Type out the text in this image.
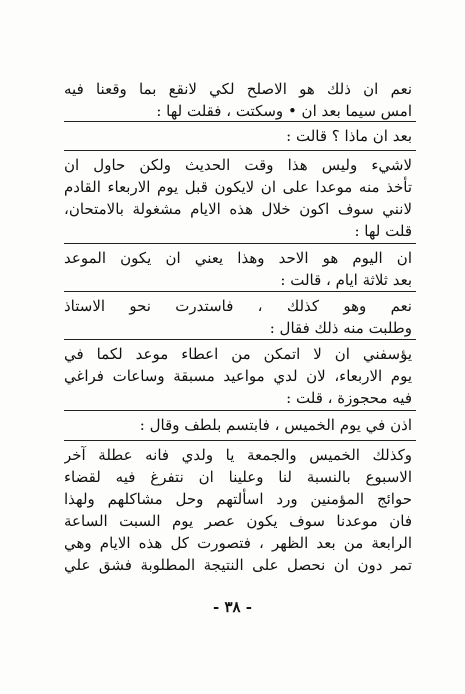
نعم ان ذلك هو الاصلح لكي لانقع بما وقعنا فيه
امس سيما بعد ان • وسكتت ، فقلت لها :
بعد ان ماذا ؟ قالت :
لاشيء وليس هذا وقت الحديث ولكن حاول ان
تأخذ منه موعدا على ان لايكون قبل يوم الاربعاء القادم
لانني سوف اكون خلال هذه الايام مشغولة بالامتحان،
قلت لها :
ان اليوم هو الاحد وهذا يعني ان يكون الموعد
بعد ثلاثة ايام ، قالت :
نعم وهو كذلك ، فاستدرت نحو الاستاذ
وطلبت منه ذلك فقال :
يؤسفني ان لا اتمكن من اعطاء موعد لكما في
يوم الاربعاء، لان لدي مواعيد مسبقة وساعات فراغي
فيه محجوزة ، قلت :
اذن في يوم الخميس ، فابتسم بلطف وقال :
وكذلك الخميس والجمعة يا ولدي فانه عطلة آخر
الاسبوع بالنسبة لنا وعلينا ان نتفرغ فيه لقضاء
حوائج المؤمنين ورد اسألتهم وحل مشاكلهم ولهذا
فان موعدنا سوف يكون عصر يوم السبت الساعة
الرابعة من بعد الظهر ، فتصورت كل هذه الايام وهي
تمر دون ان نحصل على النتيجة المطلوبة فشق علي
- ٣٨ -
